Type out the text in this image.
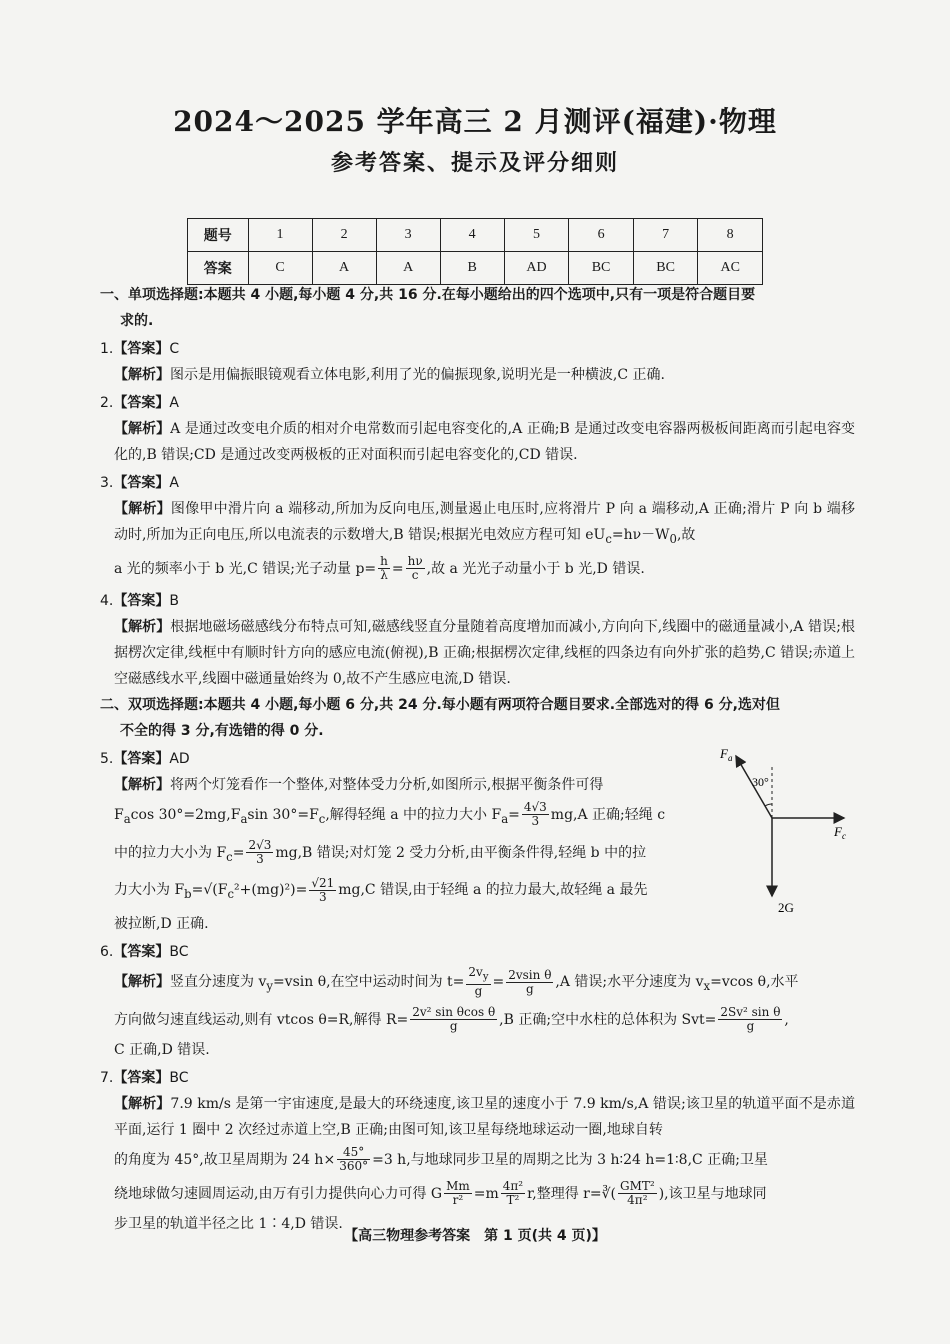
2024～2025 学年高三 2 月测评(福建)·物理
参考答案、提示及评分细则
题号	1	2	3	4	5	6	7	8
答案	C	A	A	B	AD	BC	BC	AC
一、单项选择题:本题共 4 小题,每小题 4 分,共 16 分.在每小题给出的四个选项中,只有一项是符合题目要
求的.
1.【答案】C
【解析】图示是用偏振眼镜观看立体电影,利用了光的偏振现象,说明光是一种横波,C 正确.
2.【答案】A
【解析】A 是通过改变电介质的相对介电常数而引起电容变化的,A 正确;B 是通过改变电容器两极板间距离而引起电容变化的,B 错误;CD 是通过改变两极板的正对面积而引起电容变化的,CD 错误.
3.【答案】A
【解析】图像甲中滑片向 a 端移动,所加为反向电压,测量遏止电压时,应将滑片 P 向 a 端移动,A 正确;滑片 P 向 b 端移动时,所加为正向电压,所以电流表的示数增大,B 错误;根据光电效应方程可知 $eU_c=h\nu-W_0$,故
a 光的频率小于 b 光,C 错误;光子动量 $p= \frac{h}{\lambda} = \frac{h\nu}{c}$ ,故 a 光光子动量小于 b 光,D 错误.
4.【答案】B
【解析】根据地磁场磁感线分布特点可知,磁感线竖直分量随着高度增加而减小,方向向下,线圈中的磁通量减小,A 错误;根据楞次定律,线框中有顺时针方向的感应电流(俯视),B 正确;根据楞次定律,线框的四条边有向外扩张的趋势,C 错误;赤道上空磁感线水平,线圈中磁通量始终为 0,故不产生感应电流,D 错误.
二、双项选择题:本题共 4 小题,每小题 6 分,共 24 分.每小题有两项符合题目要求.全部选对的得 6 分,选对但
不全的得 3 分,有选错的得 0 分.
5.【答案】AD
【解析】将两个灯笼看作一个整体,对整体受力分析,如图所示,根据平衡条件可得
$F_a\cos$ $30^\circ=2mg,F_a\sin$ $30^\circ=F_c$,解得轻绳 a 中的拉力大小 $F_a= \frac{4√3}{3} mg,A$ 正确;轻绳 c
中的拉力大小为 $F_c= \frac{2√3}{3} mg,B$ 错误;对灯笼 2 受力分析,由平衡条件得,轻绳 b 中的拉
力大小为 $F_b=√(F_c^2+(mg)^2)= \frac{√21}{3} mg,C$ 错误,由于轻绳 a 的拉力最大,故轻绳 a 最先
被拉断,D 正确.
$F_a$
30°
$F_c$
2G
6.【答案】BC
【解析】竖直分速度为 $v_y=vsin$ θ,在空中运动时间为 $t= \frac{2v_y}{g} = \frac{\text{2vsin θ}}{g} ,A$ 错误;水平分速度为 $v_x=vcos$ θ,水平
方向做匀速直线运动,则有 vtcos θ=R,解得 $R= \frac{\text{2v² sin θcos θ}}{g} ,B$ 正确;空中水柱的总体积为 $Svt= \frac{\text{2Sv² sin θ}}{g}$ ,
C 正确,D 错误.
7.【答案】BC
【解析】7.9 km/s 是第一宇宙速度,是最大的环绕速度,该卫星的速度小于 7.9 km/s,A 错误;该卫星的轨道平面不是赤道平面,运行 1 圈中 2 次经过赤道上空,B 正确;由图可知,该卫星每绕地球运动一圈,地球自转
的角度为 45°,故卫星周期为 24 $h\times \frac{45^\circ}{360^\circ} =3$ h,与地球同步卫星的周期之比为 3 h∶24 h=1∶8,C 正确;卫星
绕地球做匀速圆周运动,由万有引力提供向心力可得 G $\frac{Mm}{\text{r²}} =m \frac{\text{4π²}}{\text{T²}} r$,整理得 r=∛( $\frac{\text{GMT²}}{\text{4π²}}$ ),该卫星与地球同
步卫星的轨道半径之比 1∶4,D 错误.
【高三物理参考答案　第 1 页(共 4 页)】
